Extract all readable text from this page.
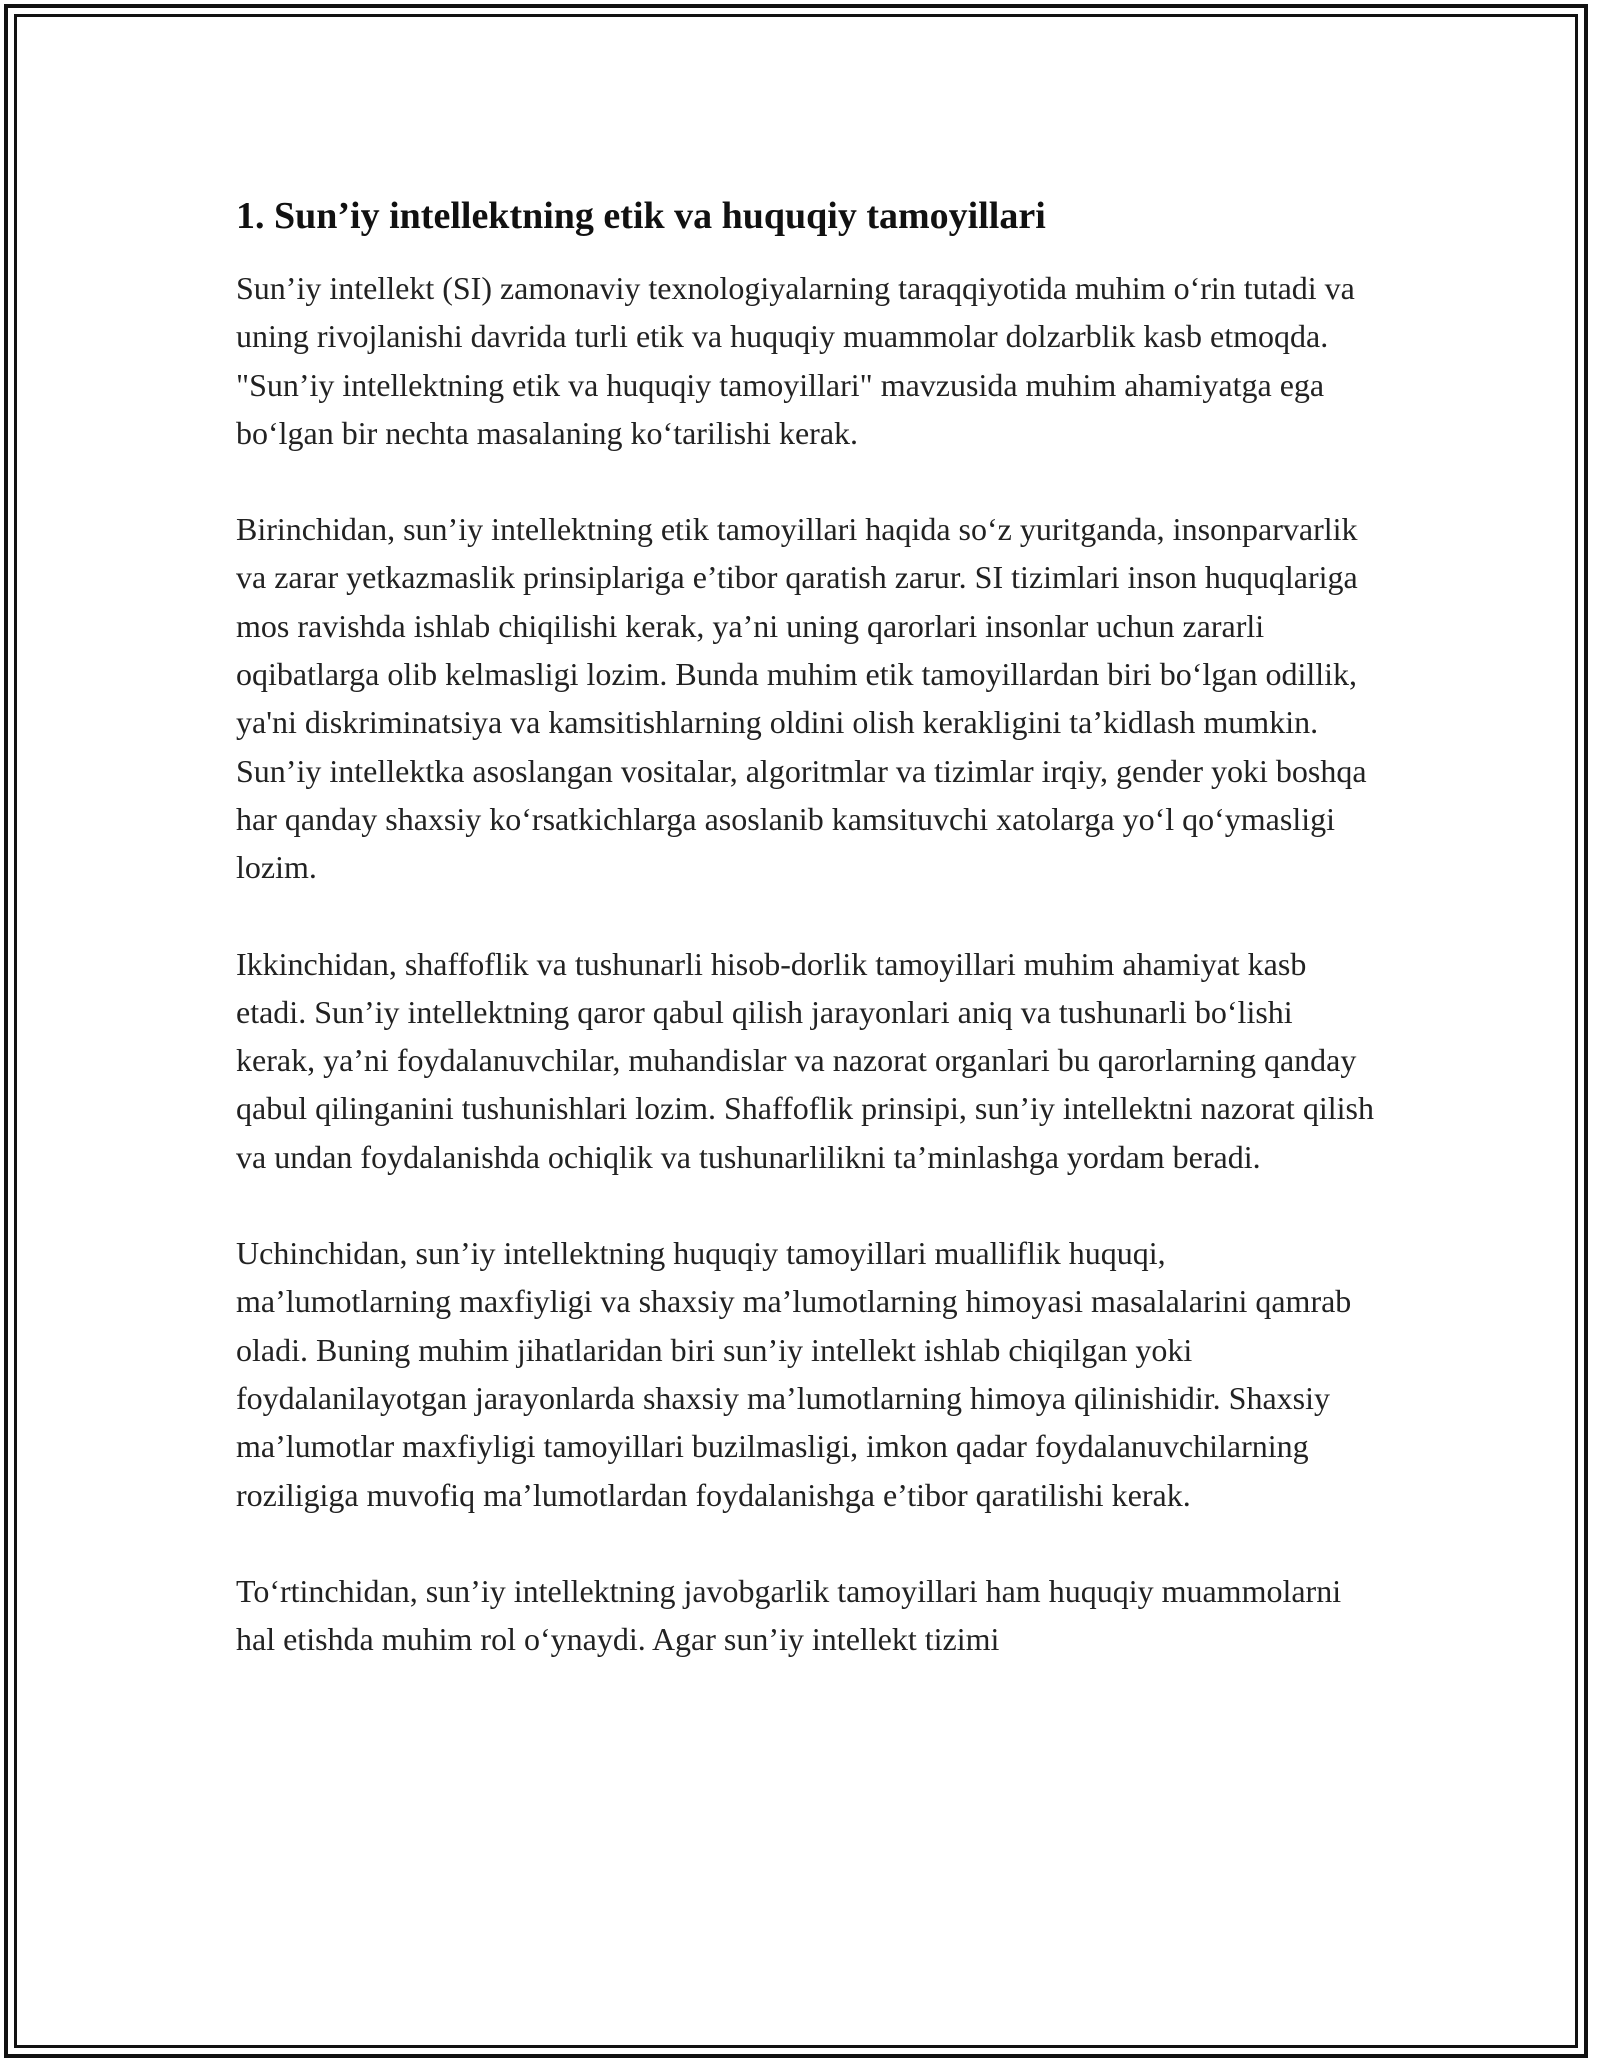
1. Sun’iy intellektning etik va huquqiy tamoyillari

Sun’iy intellekt (SI) zamonaviy texnologiyalarning taraqqiyotida muhim o‘rin tutadi va uning rivojlanishi davrida turli etik va huquqiy muammolar dolzarblik kasb etmoqda. "Sun’iy intellektning etik va huquqiy tamoyillari" mavzusida muhim ahamiyatga ega bo‘lgan bir nechta masalaning ko‘tarilishi kerak.

Birinchidan, sun’iy intellektning etik tamoyillari haqida so‘z yuritganda, insonparvarlik va zarar yetkazmaslik prinsiplariga e’tibor qaratish zarur. SI tizimlari inson huquqlariga mos ravishda ishlab chiqilishi kerak, ya’ni uning qarorlari insonlar uchun zararli oqibatlarga olib kelmasligi lozim. Bunda muhim etik tamoyillardan biri bo‘lgan odillik, ya'ni diskriminatsiya va kamsitishlarning oldini olish kerakligini ta’kidlash mumkin. Sun’iy intellektka asoslangan vositalar, algoritmlar va tizimlar irqiy, gender yoki boshqa har qanday shaxsiy ko‘rsatkichlarga asoslanib kamsituvchi xatolarga yo‘l qo‘ymasligi lozim.

Ikkinchidan, shaffoflik va tushunarli hisob-dorlik tamoyillari muhim ahamiyat kasb etadi. Sun’iy intellektning qaror qabul qilish jarayonlari aniq va tushunarli bo‘lishi kerak, ya’ni foydalanuvchilar, muhandislar va nazorat organlari bu qarorlarning qanday qabul qilinganini tushunishlari lozim. Shaffoflik prinsipi, sun’iy intellektni nazorat qilish va undan foydalanishda ochiqlik va tushunarlilikni ta’minlashga yordam beradi.

Uchinchidan, sun’iy intellektning huquqiy tamoyillari mualliflik huquqi, ma’lumotlarning maxfiyligi va shaxsiy ma’lumotlarning himoyasi masalalarini qamrab oladi. Buning muhim jihatlaridan biri sun’iy intellekt ishlab chiqilgan yoki foydalanilayotgan jarayonlarda shaxsiy ma’lumotlarning himoya qilinishidir. Shaxsiy ma’lumotlar maxfiyligi tamoyillari buzilmasligi, imkon qadar foydalanuvchilarning roziligiga muvofiq ma’lumotlardan foydalanishga e’tibor qaratilishi kerak.

To‘rtinchidan, sun’iy intellektning javobgarlik tamoyillari ham huquqiy muammolarni hal etishda muhim rol o‘ynaydi. Agar sun’iy intellekt tizimi
